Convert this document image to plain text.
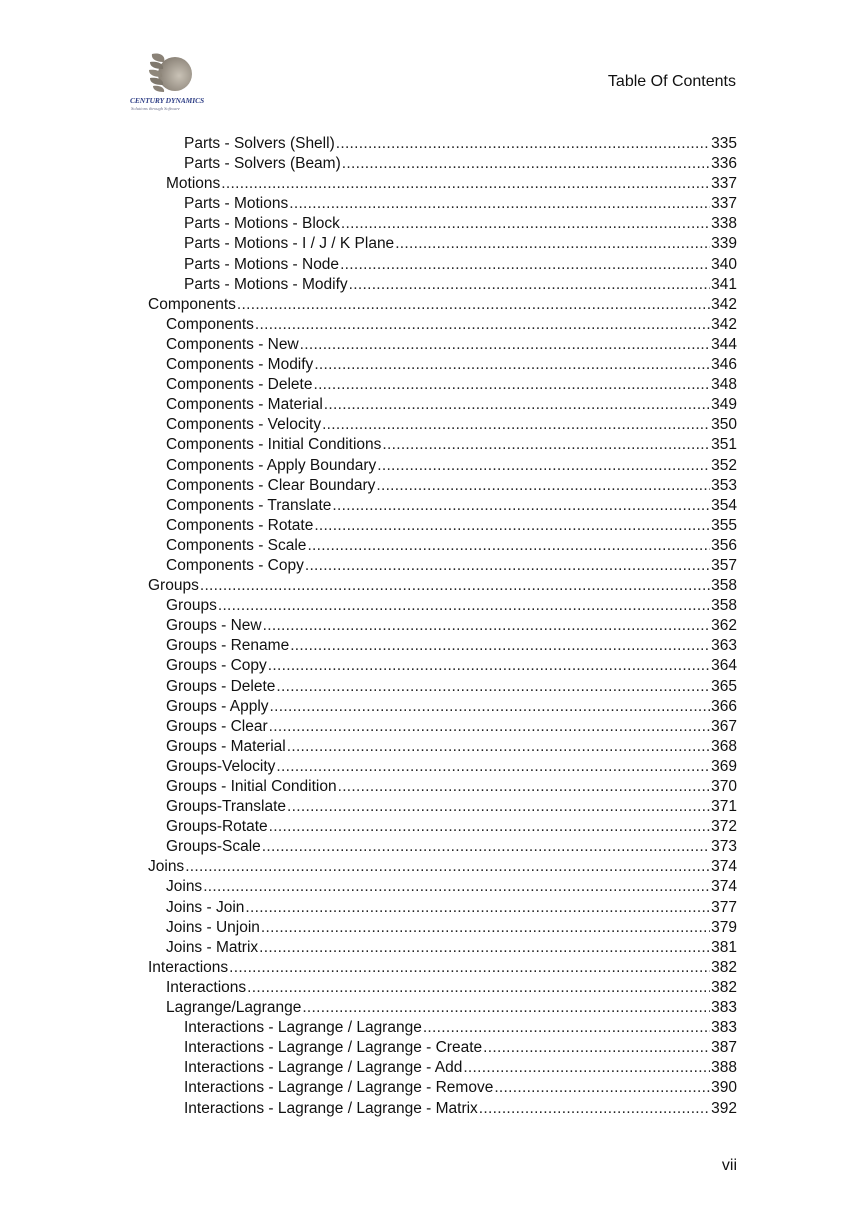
CENTURY DYNAMICS
Solutions through Software
Table Of Contents
Parts - Solvers (Shell) .....	335
Parts - Solvers (Beam) .....	336
Motions .....	337
Parts - Motions .....	337
Parts - Motions - Block .....	338
Parts - Motions - I / J / K Plane .....	339
Parts - Motions - Node .....	340
Parts - Motions - Modify .....	341
Components .....	342
Components .....	342
Components - New .....	344
Components - Modify .....	346
Components - Delete .....	348
Components - Material .....	349
Components - Velocity .....	350
Components - Initial Conditions .....	351
Components - Apply Boundary .....	352
Components - Clear Boundary .....	353
Components - Translate .....	354
Components - Rotate .....	355
Components - Scale .....	356
Components - Copy .....	357
Groups .....	358
Groups .....	358
Groups - New .....	362
Groups - Rename .....	363
Groups - Copy .....	364
Groups - Delete .....	365
Groups - Apply .....	366
Groups - Clear .....	367
Groups - Material .....	368
Groups-Velocity .....	369
Groups - Initial Condition .....	370
Groups-Translate .....	371
Groups-Rotate .....	372
Groups-Scale .....	373
Joins .....	374
Joins .....	374
Joins - Join .....	377
Joins - Unjoin .....	379
Joins - Matrix .....	381
Interactions .....	382
Interactions .....	382
Lagrange/Lagrange .....	383
Interactions - Lagrange / Lagrange .....	383
Interactions - Lagrange / Lagrange - Create .....	387
Interactions - Lagrange / Lagrange - Add .....	388
Interactions - Lagrange / Lagrange - Remove .....	390
Interactions - Lagrange / Lagrange - Matrix .....	392
vii
